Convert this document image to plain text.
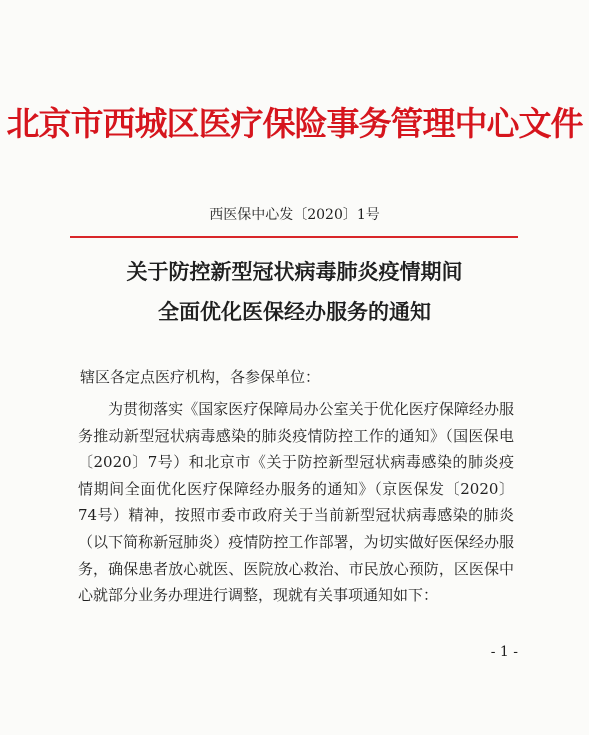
北京市西城区医疗保险事务管理中心文件
西医保中心发〔2020〕1号
关于防控新型冠状病毒肺炎疫情期间
全面优化医保经办服务的通知
辖区各定点医疗机构，各参保单位：

为贯彻落实《国家医疗保障局办公室关于优化医疗保障经办服务推动新型冠状病毒感染的肺炎疫情防控工作的通知》（国医保电〔2020〕7号）和北京市《关于防控新型冠状病毒感染的肺炎疫情期间全面优化医疗保障经办服务的通知》（京医保发〔2020〕74号）精神，按照市委市政府关于当前新型冠状病毒感染的肺炎（以下简称新冠肺炎）疫情防控工作部署，为切实做好医保经办服务，确保患者放心就医、医院放心救治、市民放心预防，区医保中心就部分业务办理进行调整，现就有关事项通知如下：

- 1 -
